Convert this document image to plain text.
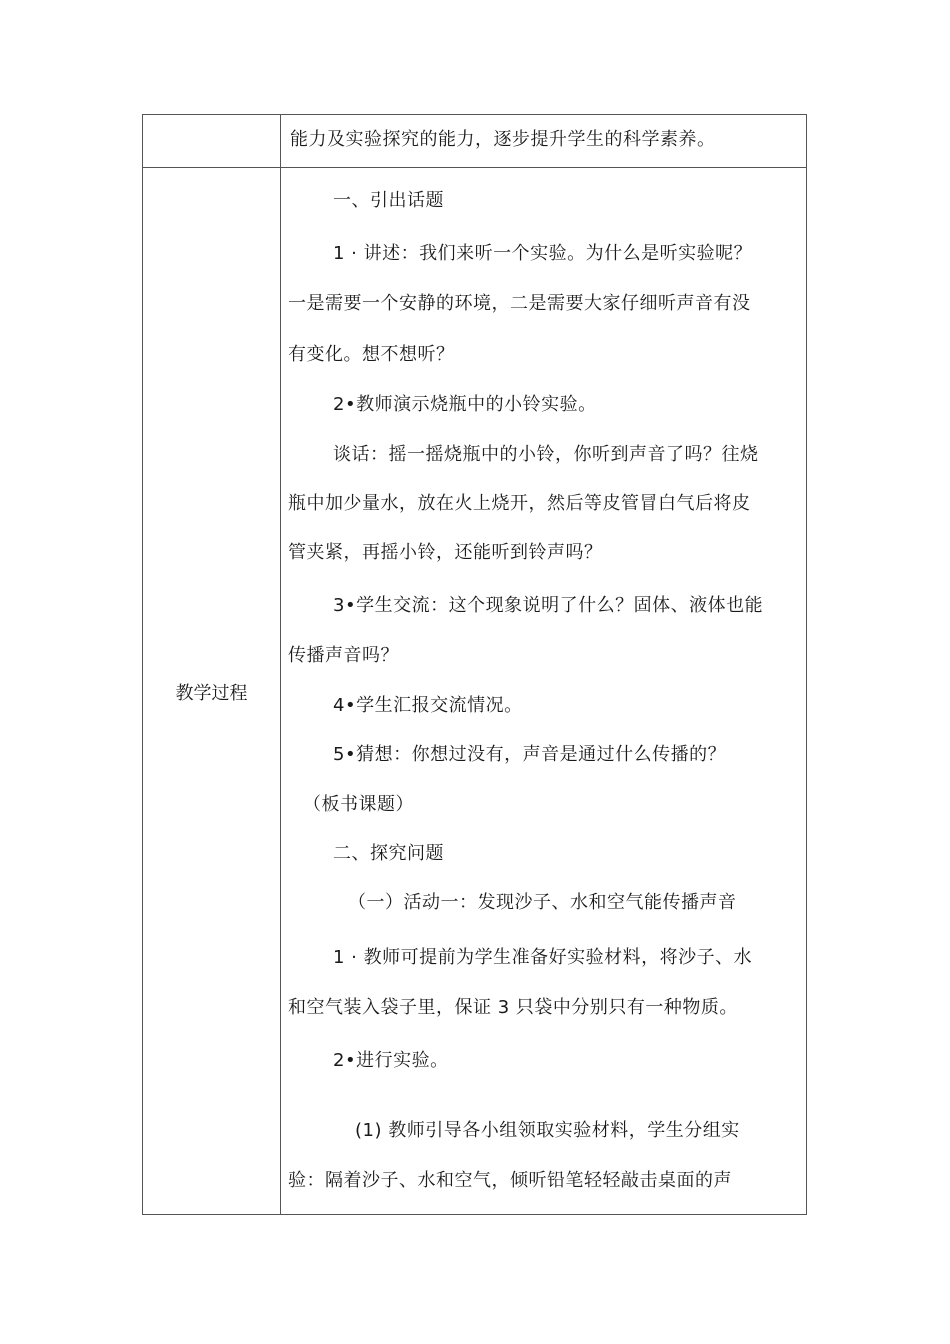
能力及实验探究的能力，逐步提升学生的科学素养。
教学过程
一、引出话题
1 · 讲述：我们来听一个实验。为什么是听实验呢？
一是需要一个安静的环境，二是需要大家仔细听声音有没
有变化。想不想听？
2•教师演示烧瓶中的小铃实验。
谈话：摇一摇烧瓶中的小铃，你听到声音了吗？往烧
瓶中加少量水，放在火上烧开，然后等皮管冒白气后将皮
管夹紧，再摇小铃，还能听到铃声吗？
3•学生交流：这个现象说明了什么？固体、液体也能
传播声音吗？
4•学生汇报交流情况。
5•猜想：你想过没有，声音是通过什么传播的？
（板书课题）
二、探究问题
（一）活动一：发现沙子、水和空气能传播声音
1 · 教师可提前为学生准备好实验材料，将沙子、水
和空气装入袋子里，保证 3 只袋中分别只有一种物质。
2•进行实验。
(1) 教师引导各小组领取实验材料，学生分组实
验：隔着沙子、水和空气，倾听铅笔轻轻敲击桌面的声
